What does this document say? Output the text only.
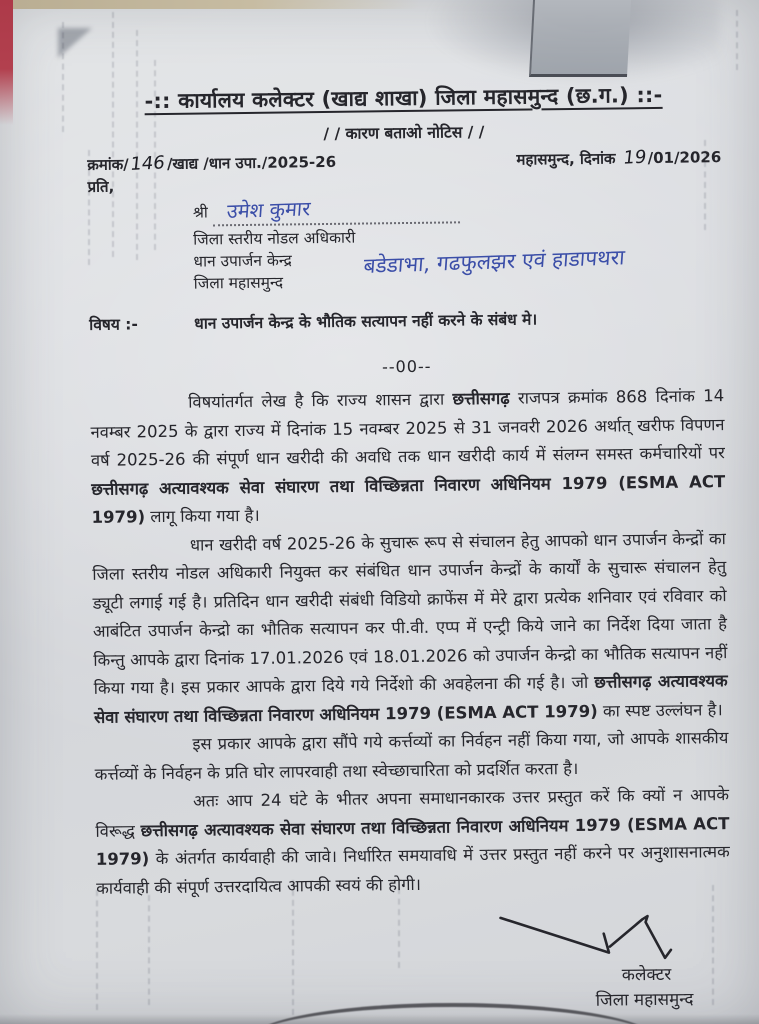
-:: कार्यालय कलेक्टर (खाद्य शाखा) जिला महासमुन्द (छ.ग.) ::-
/ / कारण बताओ नोटिस / /
क्रमांक/146/खाद्य /धान उपा./2025-26	महासमुन्द, दिनांक 19/01/2026
प्रति,
श्री उमेश कुमार
जिला स्तरीय नोडल अधिकारी
धान उपार्जन केन्द्र	बडेडाभा, गढफुलझर एवं हाडापथरा
जिला महासमुन्द
विषय :-	धान उपार्जन केन्द्र के भौतिक सत्यापन नहीं करने के संबंध मे।
--00--

विषयांतर्गत लेख है कि राज्य शासन द्वारा छत्तीसगढ़ राजपत्र क्रमांक 868 दिनांक 14 नवम्बर 2025 के द्वारा राज्य में दिनांक 15 नवम्बर 2025 से 31 जनवरी 2026 अर्थात् खरीफ विपणन वर्ष 2025-26 की संपूर्ण धान खरीदी की अवधि तक धान खरीदी कार्य में संलग्न समस्त कर्मचारियों पर छत्तीसगढ़ अत्यावश्यक सेवा संघारण तथा विच्छिन्नता निवारण अधिनियम 1979 (ESMA ACT 1979) लागू किया गया है।

धान खरीदी वर्ष 2025-26 के सुचारू रूप से संचालन हेतु आपको धान उपार्जन केन्द्रों का जिला स्तरीय नोडल अधिकारी नियुक्त कर संबंधित धान उपार्जन केन्द्रों के कार्यों के सुचारू संचालन हेतु ड्यूटी लगाई गई है। प्रतिदिन धान खरीदी संबंधी विडियो क्राफेंस में मेरे द्वारा प्रत्येक शनिवार एवं रविवार को आबंटित उपार्जन केन्द्रो का भौतिक सत्यापन कर पी.वी. एप्प में एन्ट्री किये जाने का निर्देश दिया जाता है किन्तु आपके द्वारा दिनांक 17.01.2026 एवं 18.01.2026 को उपार्जन केन्द्रो का भौतिक सत्यापन नहीं किया गया है। इस प्रकार आपके द्वारा दिये गये निर्देशो की अवहेलना की गई है। जो छत्तीसगढ़ अत्यावश्यक सेवा संघारण तथा विच्छिन्नता निवारण अधिनियम 1979 (ESMA ACT 1979) का स्पष्ट उल्लंघन है।

इस प्रकार आपके द्वारा सौंपे गये कर्त्तव्यों का निर्वहन नहीं किया गया, जो आपके शासकीय कर्त्तव्यों के निर्वहन के प्रति घोर लापरवाही तथा स्वेच्छाचारिता को प्रदर्शित करता है।

अतः आप 24 घंटे के भीतर अपना समाधानकारक उत्तर प्रस्तुत करें कि क्यों न आपके विरूद्ध छत्तीसगढ़ अत्यावश्यक सेवा संघारण तथा विच्छिन्नता निवारण अधिनियम 1979 (ESMA ACT 1979) के अंतर्गत कार्यवाही की जावे। निर्धारित समयावधि में उत्तर प्रस्तुत नहीं करने पर अनुशासनात्मक कार्यवाही की संपूर्ण उत्तरदायित्व आपकी स्वयं की होगी।

कलेक्टर
जिला महासमुन्द
